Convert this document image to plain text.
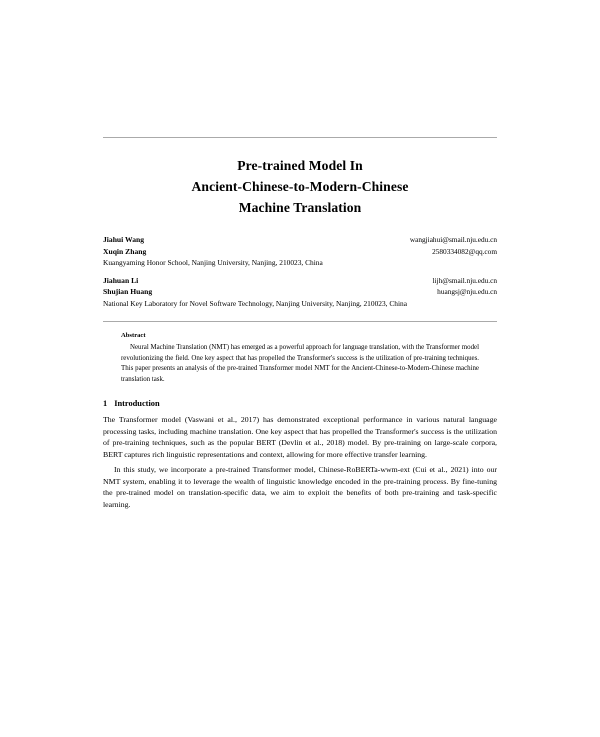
Pre-trained Model In
Ancient-Chinese-to-Modern-Chinese
Machine Translation
Jiahui Wang	wangjiahui@smail.nju.edu.cn
Xuqin Zhang	2580334082@qq.com
Kuangyaming Honor School, Nanjing University, Nanjing, 210023, China
Jiahuan Li	lijh@smail.nju.edu.cn
Shujian Huang	huangsj@nju.edu.cn
National Key Laboratory for Novel Software Technology, Nanjing University, Nanjing, 210023, China
Abstract
Neural Machine Translation (NMT) has emerged as a powerful approach for language translation, with the Transformer model revolutionizing the field. One key aspect that has propelled the Transformer's success is the utilization of pre-training techniques. This paper presents an analysis of the pre-trained Transformer model NMT for the Ancient-Chinese-to-Modern-Chinese machine translation task.
1 Introduction
The Transformer model (Vaswani et al., 2017) has demonstrated exceptional performance in various natural language processing tasks, including machine translation. One key aspect that has propelled the Transformer's success is the utilization of pre-training techniques, such as the popular BERT (Devlin et al., 2018) model. By pre-training on large-scale corpora, BERT captures rich linguistic representations and context, allowing for more effective transfer learning.
In this study, we incorporate a pre-trained Transformer model, Chinese-RoBERTa-wwm-ext (Cui et al., 2021) into our NMT system, enabling it to leverage the wealth of linguistic knowledge encoded in the pre-training process. By fine-tuning the pre-trained model on translation-specific data, we aim to exploit the benefits of both pre-training and task-specific learning.
